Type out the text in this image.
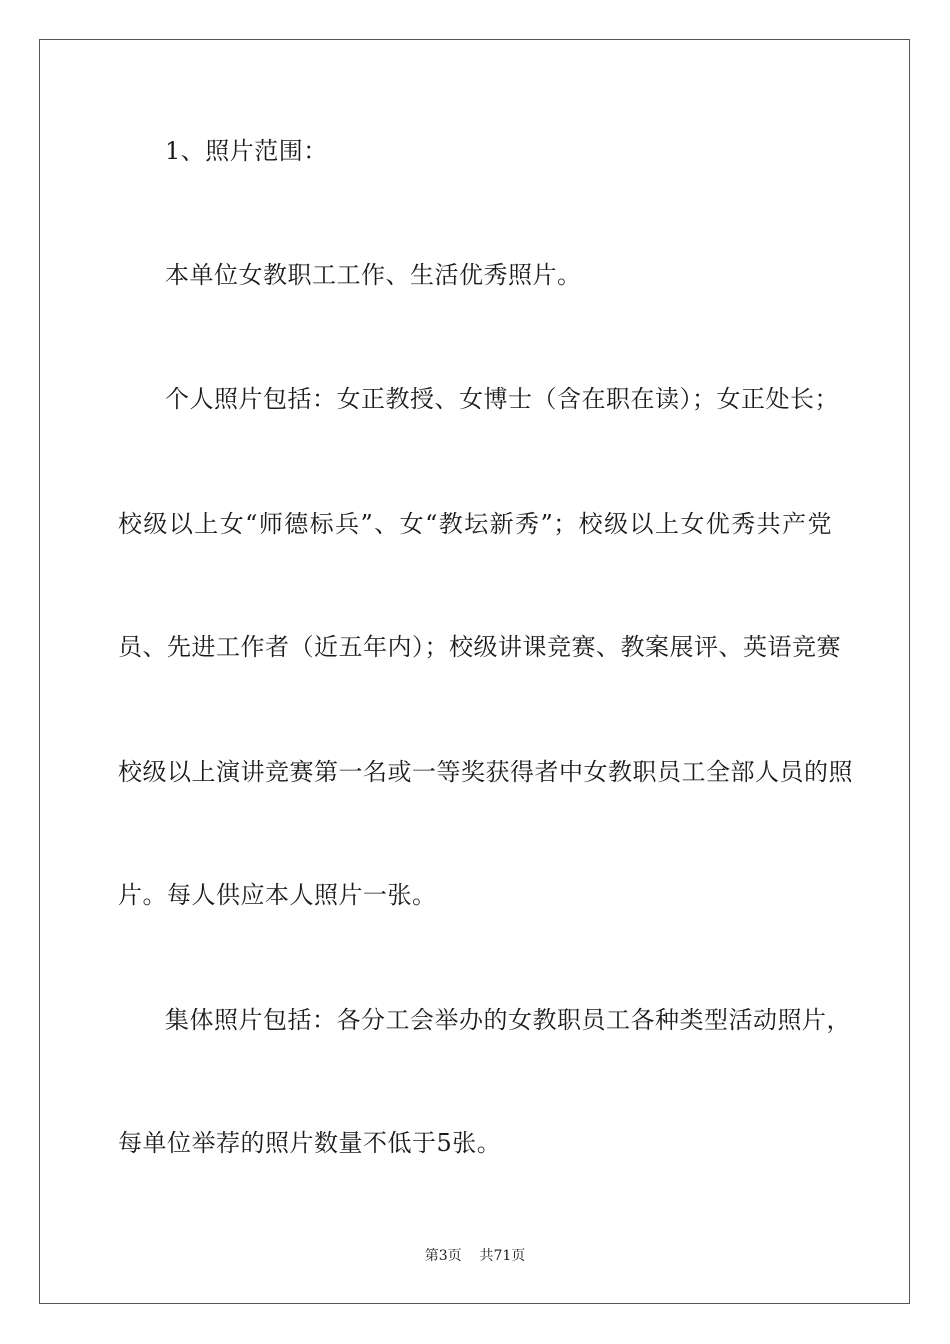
1、照片范围：
本单位女教职工工作、生活优秀照片。
个人照片包括：女正教授、女博士（含在职在读）；女正处长；
校级以上女“师德标兵”、女“教坛新秀”；校级以上女优秀共产党
员、先进工作者（近五年内）；校级讲课竞赛、教案展评、英语竞赛
校级以上演讲竞赛第一名或一等奖获得者中女教职员工全部人员的照
片。每人供应本人照片一张。
集体照片包括：各分工会举办的女教职员工各种类型活动照片，
每单位举荐的照片数量不低于5张。
第3页    共71页
